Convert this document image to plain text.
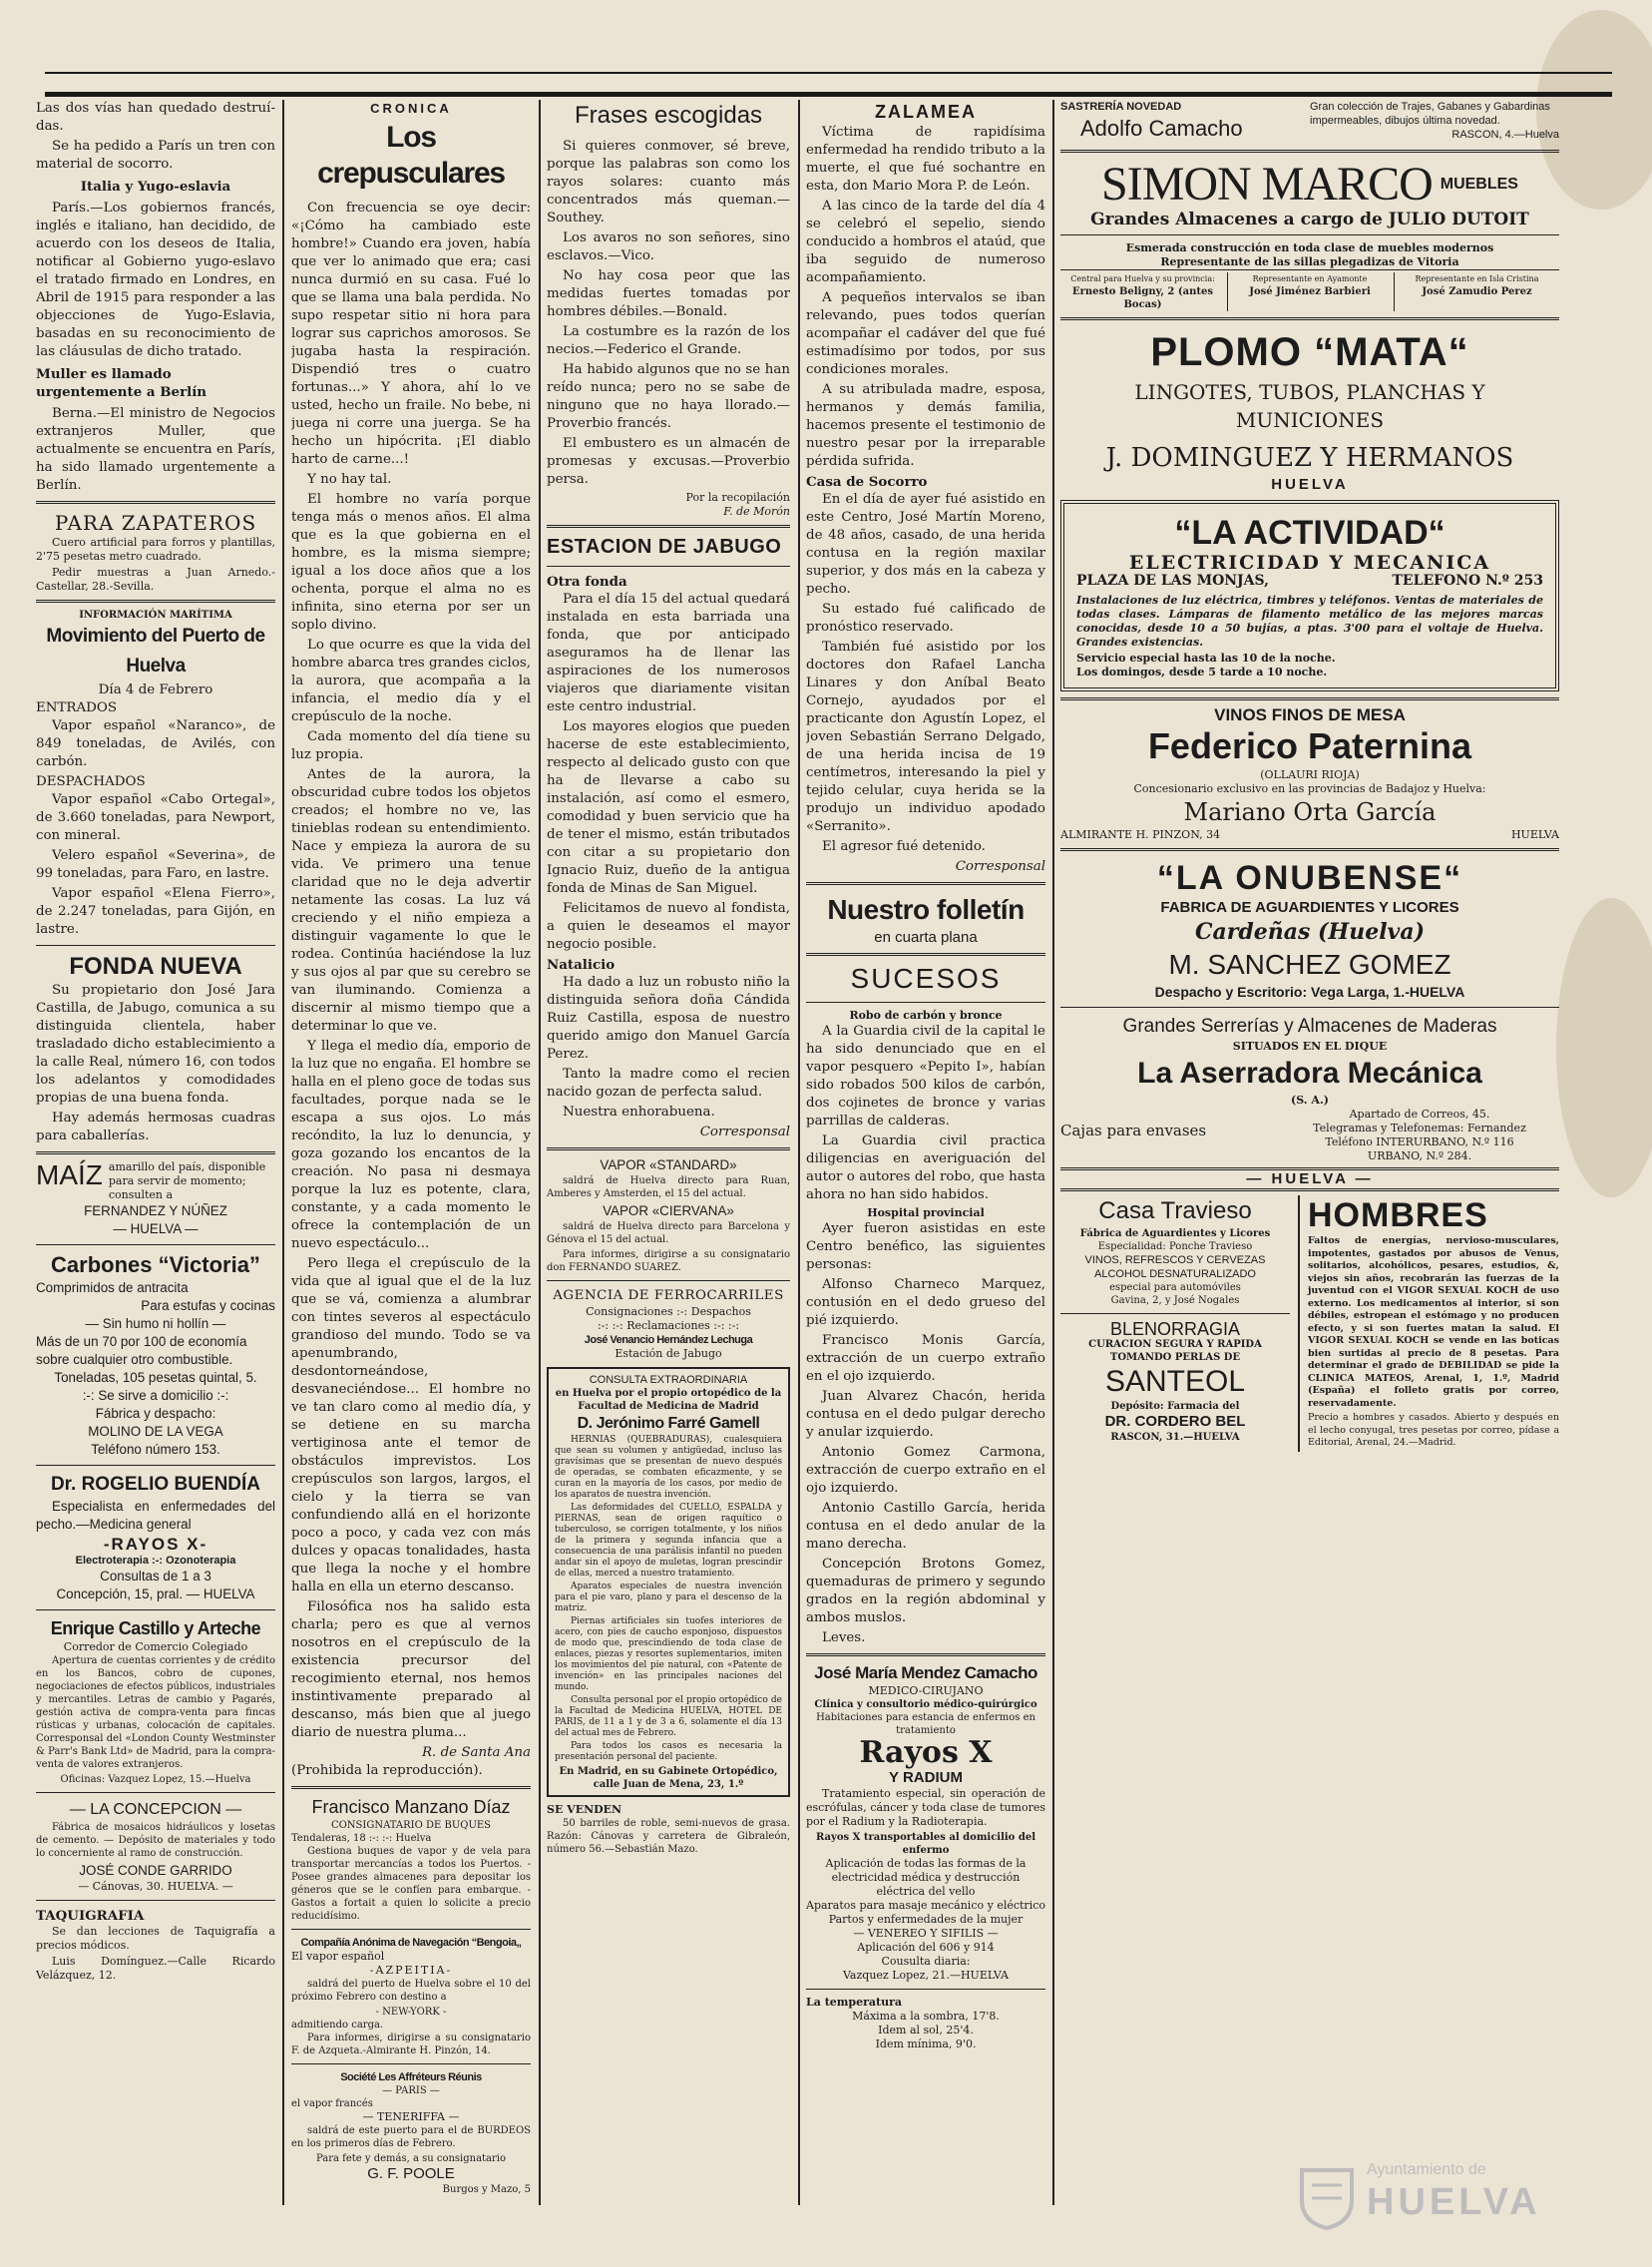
Las dos vías han quedado destruí-das.

Se ha pedido a París un tren con material de socorro.

Italia y Yugo-eslavia

París.—Los gobiernos francés, inglés e italiano, han decidido, de acuerdo con los deseos de Italia, notificar al Gobierno yugo-eslavo el tratado firmado en Londres, en Abril de 1915 para responder a las objecciones de Yugo-Eslavia, basadas en su reconocimiento de las cláusulas de dicho tratado.

Muller es llamado urgentemente a Berlín

Berna.—El ministro de Negocios extranjeros Muller, que actualmente se encuentra en París, ha sido llamado urgentemente a Berlín.

PARA ZAPATEROS

Cuero artificial para forros y plantillas, 2'75 pesetas metro cuadrado.

Pedir muestras a Juan Arnedo.-Castellar, 28.-Sevilla.

INFORMACIÓN MARÍTIMA
Movimiento del Puerto de Huelva
Día 4 de Febrero
ENTRADOS

Vapor español «Naranco», de 849 toneladas, de Avilés, con carbón.

DESPACHADOS

Vapor español «Cabo Ortegal», de 3.660 toneladas, para Newport, con mineral.

Velero español «Severina», de 99 toneladas, para Faro, en lastre.

Vapor español «Elena Fierro», de 2.247 toneladas, para Gijón, en lastre.

FONDA NUEVA

Su propietario don José Jara Castilla, de Jabugo, comunica a su distinguida clientela, haber trasladado dicho establecimiento a la calle Real, número 16, con todos los adelantos y comodidades propias de una buena fonda.

Hay además hermosas cuadras para caballerías.

MAÍZ amarillo del país, disponible para servir de momento; consulten a
FERNANDEZ Y NÚÑEZ
— HUELVA —
Carbones “Victoria”
Comprimidos de antracita
Para estufas y cocinas
— Sin humo ni hollín —
Más de un 70 por 100 de economía sobre cualquier otro combustible.
Toneladas, 105 pesetas quintal, 5.
:-: Se sirve a domicilio :-:
Fábrica y despacho:
MOLINO DE LA VEGA
Teléfono número 153.
Dr. ROGELIO BUENDÍA

Especialista en enfermedades del pecho.—Medicina general

-RAYOS X-
Electroterapia :-: Ozonoterapia
Consultas de 1 a 3
Concepción, 15, pral. — HUELVA
Enrique Castillo y Arteche
Corredor de Comercio Colegiado

Apertura de cuentas corrientes y de crédito en los Bancos, cobro de cupones, negociaciones de efectos públicos, industriales y mercantiles. Letras de cambio y Pagarés, gestión activa de compra-venta para fincas rústicas y urbanas, colocación de capitales. Corresponsal del «London County Westminster & Parr's Bank Ltd» de Madrid, para la compra-venta de valores extranjeros.

Oficinas: Vazquez Lopez, 15.—Huelva
— LA CONCEPCION —

Fábrica de mosaicos hidráulicos y losetas de cemento. — Depósito de materiales y todo lo concerniente al ramo de construcción.

JOSÉ CONDE GARRIDO
— Cánovas, 30. HUELVA. —
TAQUIGRAFIA

Se dan lecciones de Taquigrafía a precios módicos.

Luis Domínguez.—Calle Ricardo Velázquez, 12.

CRONICA
Los crepusculares

Con frecuencia se oye decir: «¡Cómo ha cambiado este hombre!» Cuando era joven, había que ver lo animado que era; casi nunca durmió en su casa. Fué lo que se llama una bala perdida. No supo respetar sitio ni hora para lograr sus caprichos amorosos. Se jugaba hasta la respiración. Dispendió tres o cuatro fortunas...» Y ahora, ahí lo ve usted, hecho un fraile. No bebe, ni juega ni corre una juerga. Se ha hecho un hipócrita. ¡El diablo harto de carne...!

Y no hay tal.

El hombre no varía porque tenga más o menos años. El alma que es la que gobierna en el hombre, es la misma siempre; igual a los doce años que a los ochenta, porque el alma no es infinita, sino eterna por ser un soplo divino.

Lo que ocurre es que la vida del hombre abarca tres grandes ciclos, la aurora, que acompaña a la infancia, el medio día y el crepúsculo de la noche.

Cada momento del día tiene su luz propia.

Antes de la aurora, la obscuridad cubre todos los objetos creados; el hombre no ve, las tinieblas rodean su entendimiento. Nace y empieza la aurora de su vida. Ve primero una tenue claridad que no le deja advertir netamente las cosas. La luz vá creciendo y el niño empieza a distinguir vagamente lo que le rodea. Continúa haciéndose la luz y sus ojos al par que su cerebro se van iluminando. Comienza a discernir al mismo tiempo que a determinar lo que ve.

Y llega el medio día, emporio de la luz que no engaña. El hombre se halla en el pleno goce de todas sus facultades, porque nada se le escapa a sus ojos. Lo más recóndito, la luz lo denuncia, y goza gozando los encantos de la creación. No pasa ni desmaya porque la luz es potente, clara, constante, y a cada momento le ofrece la contemplación de un nuevo espectáculo...

Pero llega el crepúsculo de la vida que al igual que el de la luz que se vá, comienza a alumbrar con tintes severos al espectáculo grandioso del mundo. Todo se va apenumbrando, desdontorneándose, desvaneciéndose... El hombre no ve tan claro como al medio día, y se detiene en su marcha vertiginosa ante el temor de obstáculos imprevistos. Los crepúsculos son largos, largos, el cielo y la tierra se van confundiendo allá en el horizonte poco a poco, y cada vez con más dulces y opacas tonalidades, hasta que llega la noche y el hombre halla en ella un eterno descanso.

Filosófica nos ha salido esta charla; pero es que al vernos nosotros en el crepúsculo de la existencia precursor del recogimiento eternal, nos hemos instintivamente preparado al descanso, más bien que al juego diario de nuestra pluma...

R. de Santa Ana
(Prohibida la reproducción).
Francisco Manzano Díaz
CONSIGNATARIO DE BUQUES
Tendaleras, 18 :-: :-: Huelva

Gestiona buques de vapor y de vela para transportar mercancías a todos los Puertos. - Posee grandes almacenes para depositar los géneros que se le confíen para embarque. - Gastos a fortait a quien lo solicite a precio reducidísimo.

Compañía Anónima de Navegación “Bengoia„
El vapor español
-AZPEITIA-

saldrá del puerto de Huelva sobre el 10 del próximo Febrero con destino a

- NEW-YORK -
admitiendo carga.

Para informes, dirigirse a su consignatario F. de Azqueta.-Almirante H. Pinzón, 14.

Société Les Affréteurs Réunis
— PARIS —
el vapor francés
— TENERIFFA —

saldrá de este puerto para el de BURDEOS en los primeros días de Febrero.

Para fete y demás, a su consignatario
G. F. POOLE
Burgos y Mazo, 5
Frases escogidas

Si quieres conmover, sé breve, porque las palabras son como los rayos solares: cuanto más concentrados más queman.—Southey.

Los avaros no son señores, sino esclavos.—Vico.

No hay cosa peor que las medidas fuertes tomadas por hombres débiles.—Bonald.

La costumbre es la razón de los necios.—Federico el Grande.

Ha habido algunos que no se han reído nunca; pero no se sabe de ninguno que no haya llorado.—Proverbio francés.

El embustero es un almacén de promesas y excusas.—Proverbio persa.

Por la recopilación
F. de Morón
ESTACION DE JABUGO
Otra fonda

Para el día 15 del actual quedará instalada en esta barriada una fonda, que por anticipado aseguramos ha de llenar las aspiraciones de los numerosos viajeros que diariamente visitan este centro industrial.

Los mayores elogios que pueden hacerse de este establecimiento, respecto al delicado gusto con que ha de llevarse a cabo su instalación, así como el esmero, comodidad y buen servicio que ha de tener el mismo, están tributados con citar a su propietario don Ignacio Ruiz, dueño de la antigua fonda de Minas de San Miguel.

Felicitamos de nuevo al fondista, a quien le deseamos el mayor negocio posible.

Natalicio

Ha dado a luz un robusto niño la distinguida señora doña Cándida Ruiz Castilla, esposa de nuestro querido amigo don Manuel García Perez.

Tanto la madre como el recien nacido gozan de perfecta salud.

Nuestra enhorabuena.

Corresponsal
VAPOR «STANDARD»

saldrá de Huelva directo para Ruan, Amberes y Amsterden, el 15 del actual.

VAPOR «CIERVANA»

saldrá de Huelva directo para Barcelona y Génova el 15 del actual.

Para informes, dirigirse a su consignatario don FERNANDO SUAREZ.

AGENCIA DE FERROCARRILES
Consignaciones :-: Despachos
:-: :-: Reclamaciones :-: :-:
José Venancio Hernández Lechuga
Estación de Jabugo
CONSULTA EXTRAORDINARIA
en Huelva por el propio ortopédico de la Facultad de Medicina de Madrid
D. Jerónimo Farré Gamell

HERNIAS (QUEBRADURAS), cualesquiera que sean su volumen y antigüedad, incluso las gravísimas que se presentan de nuevo después de operadas, se combaten eficazmente, y se curan en la mayoría de los casos, por medio de los aparatos de nuestra invención.

Las deformidades del CUELLO, ESPALDA y PIERNAS, sean de origen raquítico o tuberculoso, se corrigen totalmente, y los niños de la primera y segunda infancia que a consecuencia de una parálisis infantil no pueden andar sin el apoyo de muletas, logran prescindir de ellas, merced a nuestro tratamiento.

Aparatos especiales de nuestra invención para el pie varo, plano y para el descenso de la matriz.

Piernas artificiales sin tuofes interiores de acero, con pies de caucho esponjoso, dispuestos de modo que, prescindiendo de toda clase de enlaces, piezas y resortes suplementarios, imiten los movimientos del pie natural, con «Patente de invención» en las principales naciones del mundo.

Consulta personal por el propio ortopédico de la Facultad de Medicina HUELVA, HOTEL DE PARIS, de 11 a 1 y de 3 a 6, solamente el día 13 del actual mes de Febrero.

Para todos los casos es necesaria la presentación personal del paciente.

En Madrid, en su Gabinete Ortopédico, calle Juan de Mena, 23, 1.º
SE VENDEN

50 barriles de roble, semi-nuevos de grasa. Razón: Cánovas y carretera de Gibraleón, número 56.—Sebastián Mazo.

ZALAMEA

Víctima de rapidísima enfermedad ha rendido tributo a la muerte, el que fué sochantre en esta, don Mario Mora P. de León.

A las cinco de la tarde del día 4 se celebró el sepelio, siendo conducido a hombros el ataúd, que iba seguido de numeroso acompañamiento.

A pequeños intervalos se iban relevando, pues todos querían acompañar el cadáver del que fué estimadísimo por todos, por sus condiciones morales.

A su atribulada madre, esposa, hermanos y demás familia, hacemos presente el testimonio de nuestro pesar por la irreparable pérdida sufrida.

Casa de Socorro

En el día de ayer fué asistido en este Centro, José Martín Moreno, de 48 años, casado, de una herida contusa en la región maxilar superior, y dos más en la cabeza y pecho.

Su estado fué calificado de pronóstico reservado.

También fué asistido por los doctores don Rafael Lancha Linares y don Aníbal Beato Cornejo, ayudados por el practicante don Agustín Lopez, el joven Sebastián Serrano Delgado, de una herida incisa de 19 centímetros, interesando la piel y tejido celular, cuya herida se la produjo un individuo apodado «Serranito».

El agresor fué detenido.

Corresponsal
Nuestro folletín
en cuarta plana
SUCESOS
Robo de carbón y bronce

A la Guardia civil de la capital le ha sido denunciado que en el vapor pesquero «Pepito I», habían sido robados 500 kilos de carbón, dos cojinetes de bronce y varias parrillas de calderas.

La Guardia civil practica diligencias en averiguación del autor o autores del robo, que hasta ahora no han sido habidos.

Hospital provincial

Ayer fueron asistidas en este Centro benéfico, las siguientes personas:

Alfonso Charneco Marquez, contusión en el dedo grueso del pié izquierdo.

Francisco Monis García, extracción de un cuerpo extraño en el ojo izquierdo.

Juan Alvarez Chacón, herida contusa en el dedo pulgar derecho y anular izquierdo.

Antonio Gomez Carmona, extracción de cuerpo extraño en el ojo izquierdo.

Antonio Castillo García, herida contusa en el dedo anular de la mano derecha.

Concepción Brotons Gomez, quemaduras de primero y segundo grados en la región abdominal y ambos muslos.

Leves.

José María Mendez Camacho
MEDICO-CIRUJANO
Clínica y consultorio médico-quirúrgico
Habitaciones para estancia de enfermos en tratamiento
Rayos X
Y RADIUM

Tratamiento especial, sin operación de escrófulas, cáncer y toda clase de tumores por el Radium y la Radioterapia.

Rayos X transportables al domicilio del enfermo
Aplicación de todas las formas de la electricidad médica y destrucción eléctrica del vello
Aparatos para masaje mecánico y eléctrico
Partos y enfermedades de la mujer
— VENEREO Y SIFILIS —
Aplicación del 606 y 914
Cousulta diaria:
Vazquez Lopez, 21.—HUELVA
La temperatura
Máxima a la sombra, 17'8.
Idem al sol, 25'4.
Idem mínima, 9'0.
SASTRERÍA NOVEDAD
Adolfo Camacho
Gran colección de Trajes, Gabanes y Gabardinas impermeables, dibujos última novedad.
RASCON, 4.—Huelva
SIMON MARCO MUEBLES
Grandes Almacenes a cargo de JULIO DUTOIT
Esmerada construcción en toda clase de muebles modernos
Representante de las sillas plegadizas de Vitoria
Central para Huelva y su provincia:
Ernesto Beligny, 2 (antes Bocas)
Representante en Ayamonte
José Jiménez Barbieri
Representante en Isla Cristina
José Zamudio Perez
PLOMO “MATA“
LINGOTES, TUBOS, PLANCHAS Y MUNICIONES
J. DOMINGUEZ Y HERMANOS
HUELVA
“LA ACTIVIDAD“
ELECTRICIDAD Y MECANICA
PLAZA DE LAS MONJAS,	TELEFONO N.º 253

Instalaciones de luz eléctrica, timbres y teléfonos. Ventas de materiales de todas clases. Lámparas de filamento metálico de las mejores marcas conocidas, desde 10 a 50 bujías, a ptas. 3'00 para el voltaje de Huelva. Grandes existencias.

Servicio especial hasta las 10 de la noche.
Los domingos, desde 5 tarde a 10 noche.
VINOS FINOS DE MESA
Federico Paternina
(OLLAURI RIOJA)
Concesionario exclusivo en las provincias de Badajoz y Huelva:
Mariano Orta García
ALMIRANTE H. PINZON, 34	HUELVA
“LA ONUBENSE“
FABRICA DE AGUARDIENTES Y LICORES
Cardeñas (Huelva)
M. SANCHEZ GOMEZ
Despacho y Escritorio: Vega Larga, 1.-HUELVA
Grandes Serrerías y Almacenes de Maderas
SITUADOS EN EL DIQUE
La Aserradora Mecánica
(S. A.)
Cajas para envases
Apartado de Correos, 45.
Telegramas y Telefonemas: Fernandez
Teléfono INTERURBANO, N.º 116
URBANO, N.º 284.
— HUELVA —
Casa Travieso
Fábrica de Aguardientes y Licores
Especialidad: Ponche Travieso
VINOS, REFRESCOS Y CERVEZAS
ALCOHOL DESNATURALIZADO
especial para automóviles
Gavina, 2, y José Nogales
BLENORRAGIA
CURACION SEGURA Y RAPIDA TOMANDO PERLAS DE
SANTEOL
Depósito: Farmacia del
DR. CORDERO BEL
RASCON, 31.—HUELVA
HOMBRES

Faltos de energías, nervioso-musculares, impotentes, gastados por abusos de Venus, solitarios, alcohólicos, pesares, estudios, &, viejos sin años, recobrarán las fuerzas de la juventud con el VIGOR SEXUAL KOCH de uso externo. Los medicamentos al interior, si son débiles, estropean el estómago y no producen efecto, y si son fuertes matan la salud. El VIGOR SEXUAL KOCH se vende en las boticas bien surtidas al precio de 8 pesetas. Para determinar el grado de DEBILIDAD se pide la CLINICA MATEOS, Arenal, 1, 1.º, Madrid (España) el folleto gratis por correo, reservadamente.

Precio a hombres y casados. Abierto y después en el lecho conyugal, tres pesetas por correo, pídase a Editorial, Arenal, 24.—Madrid.

Ayuntamiento de
HUELVA
